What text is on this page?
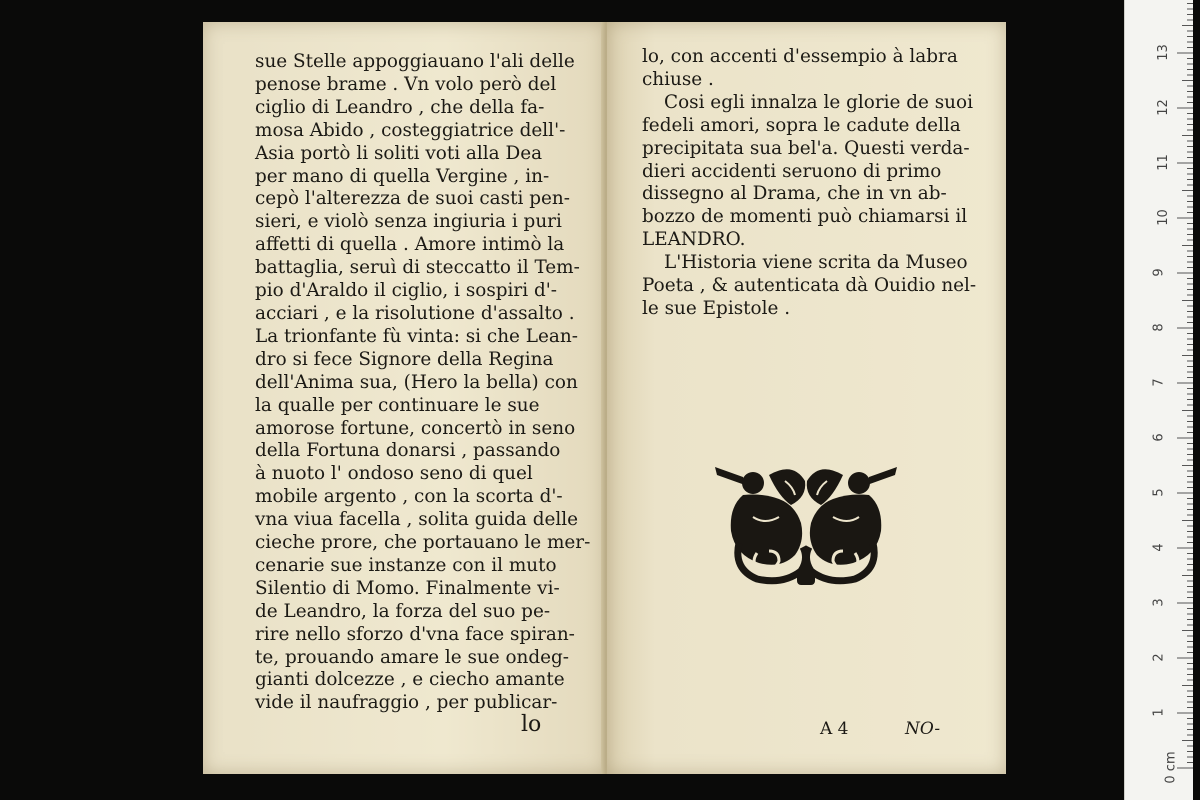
sue Stelle appoggiauano l'ali delle
penose brame . Vn volo però del
ciglio di Leandro , che della fa-
mosa Abido , costeggiatrice dell'-
Asia portò li soliti voti alla Dea
per mano di quella Vergine , in-
cepò l'alterezza de suoi casti pen-
sieri, e violò senza ingiuria i puri
affetti di quella . Amore intimò la
battaglia, seruì di steccatto il Tem-
pio d'Araldo il ciglio, i sospiri d'-
acciari , e la risolutione d'assalto .
La trionfante fù vinta: si che Lean-
dro si fece Signore della Regina
dell'Anima sua, (Hero la bella) con
la qualle per continuare le sue
amorose fortune, concertò in seno
della Fortuna donarsi , passando
à nuoto l' ondoso seno di quel
mobile argento , con la scorta d'-
vna viua facella , solita guida delle
cieche prore, che portauano le mer-
cenarie sue instanze con il muto
Silentio di Momo. Finalmente vi-
de Leandro, la forza del suo pe-
rire nello sforzo d'vna face spiran-
te, prouando amare le sue ondeg-
gianti dolcezze , e ciecho amante
vide il naufraggio , per publicar-
lo
lo, con accenti d'essempio à labra
chiuse .
Cosi egli innalza le glorie de suoi
fedeli amori, sopra le cadute della
precipitata sua bel'a. Questi verda-
dieri accidenti seruono di primo
dissegno al Drama, che in vn ab-
bozzo de momenti può chiamarsi il
LEANDRO.
L'Historia viene scrita da Museo
Poeta , & autenticata dà Ouidio nel-
le sue Epistole .
A 4	NO-
0 cm
1
2
3
4
5
6
7
8
9
10
11
12
13
